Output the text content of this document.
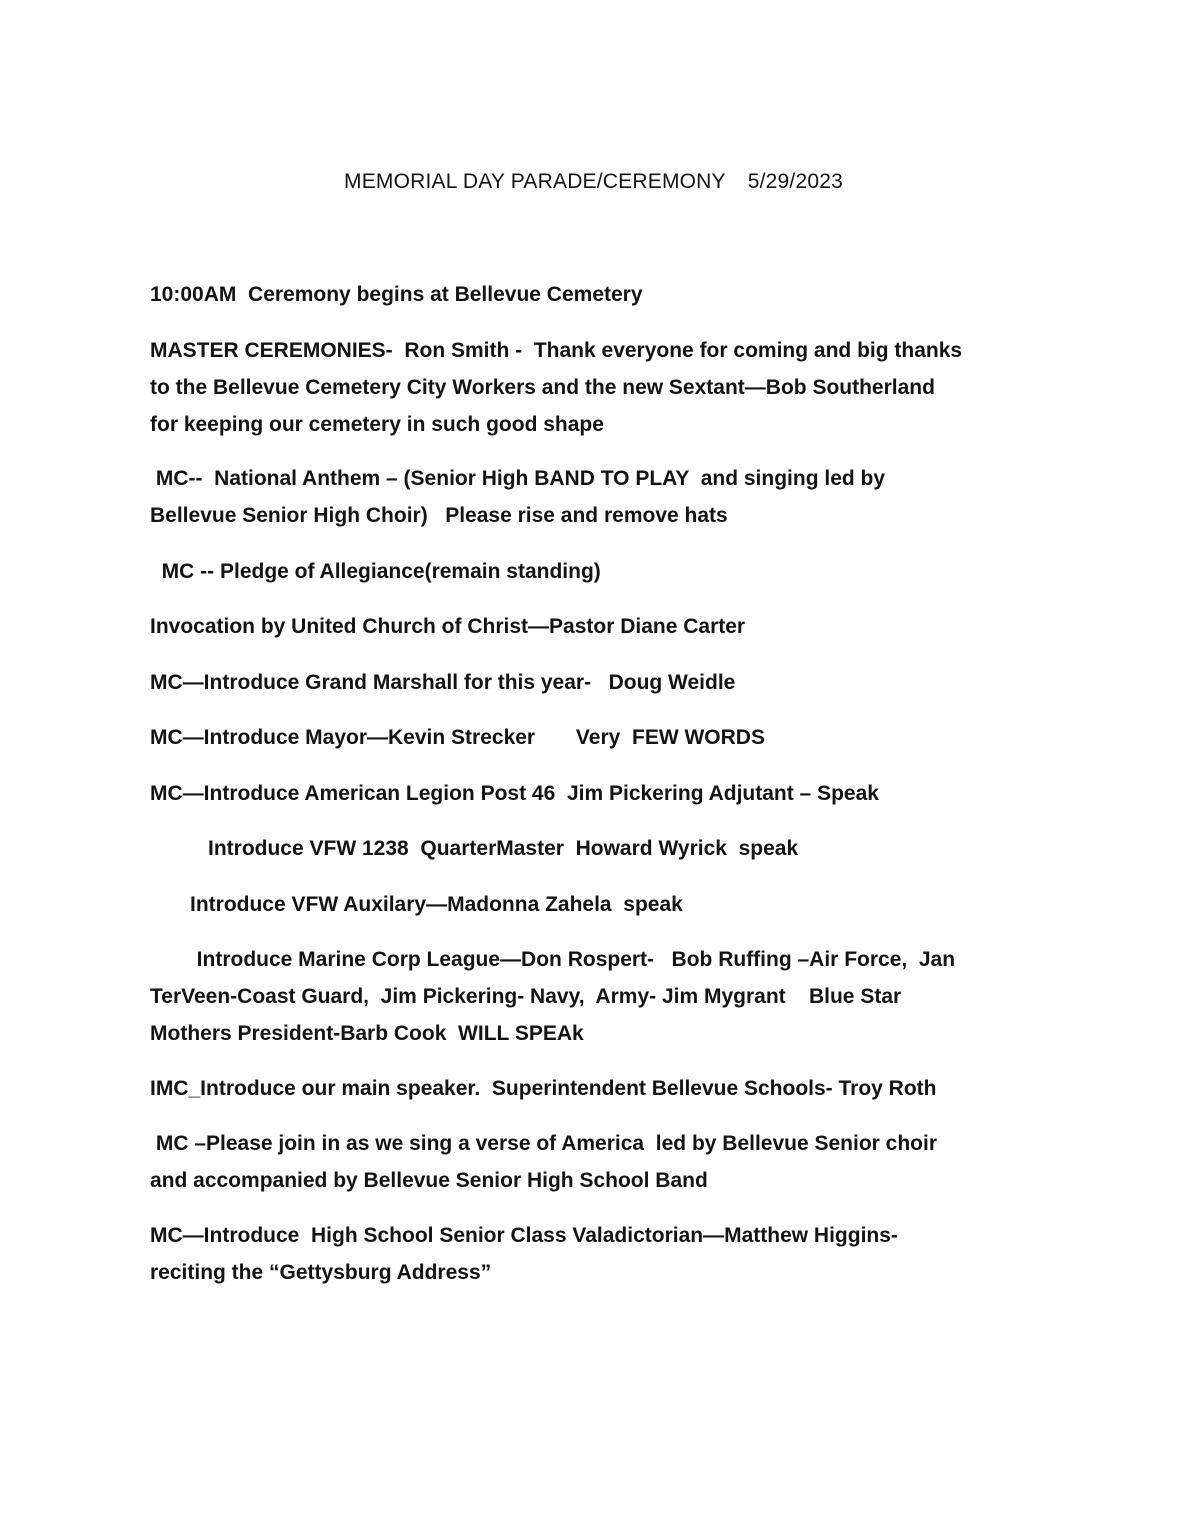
MEMORIAL DAY PARADE/CEREMONY 5/29/2023
10:00AM  Ceremony begins at Bellevue Cemetery
MASTER CEREMONIES-  Ron Smith -  Thank everyone for coming and big thanks
to the Bellevue Cemetery City Workers and the new Sextant—Bob Southerland
for keeping our cemetery in such good shape
MC--  National Anthem – (Senior High BAND TO PLAY  and singing led by
Bellevue Senior High Choir)   Please rise and remove hats
MC -- Pledge of Allegiance(remain standing)
Invocation by United Church of Christ—Pastor Diane Carter
MC—Introduce Grand Marshall for this year-   Doug Weidle
MC—Introduce Mayor—Kevin Strecker       Very  FEW WORDS
MC—Introduce American Legion Post 46  Jim Pickering Adjutant – Speak
Introduce VFW 1238  QuarterMaster  Howard Wyrick  speak
Introduce VFW Auxilary—Madonna Zahela  speak
Introduce Marine Corp League—Don Rospert-   Bob Ruffing –Air Force,  Jan
TerVeen-Coast Guard,  Jim Pickering- Navy,  Army- Jim Mygrant    Blue Star
Mothers President-Barb Cook  WILL SPEAk
IMC_Introduce our main speaker.  Superintendent Bellevue Schools- Troy Roth
MC –Please join in as we sing a verse of America  led by Bellevue Senior choir
and accompanied by Bellevue Senior High School Band
MC—Introduce  High School Senior Class Valadictorian—Matthew Higgins-
reciting the “Gettysburg Address”
